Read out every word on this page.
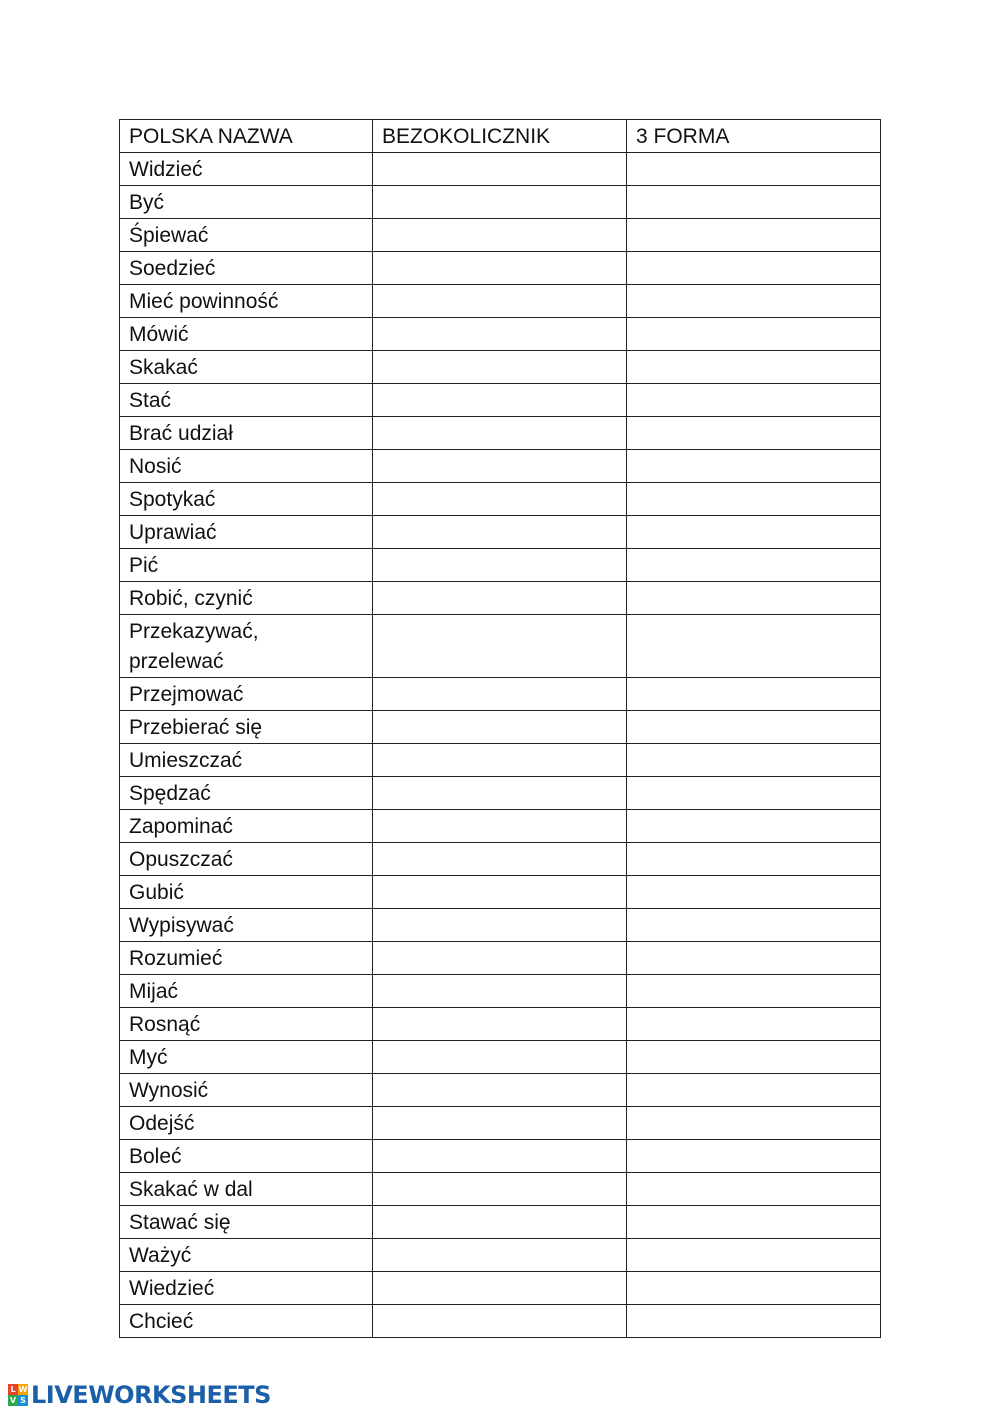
POLSKA NAZWA	BEZOKOLICZNIK	3 FORMA
Widzieć		
Być		
Śpiewać		
Soedzieć		
Mieć powinność		
Mówić		
Skakać		
Stać		
Brać udział		
Nosić		
Spotykać		
Uprawiać		
Pić		
Robić, czynić		

Przekazywać,
przelewać		

Przejmować		
Przebierać się		
Umieszczać		
Spędzać		
Zapominać		
Opuszczać		
Gubić		
Wypisywać		
Rozumieć		
Mijać		
Rosnąć		
Myć		
Wynosić		
Odejść		
Boleć		
Skakać w dal		
Stawać się		
Ważyć		
Wiedzieć		
Chcieć		
L W
V S LIVEWORKSHEETS
